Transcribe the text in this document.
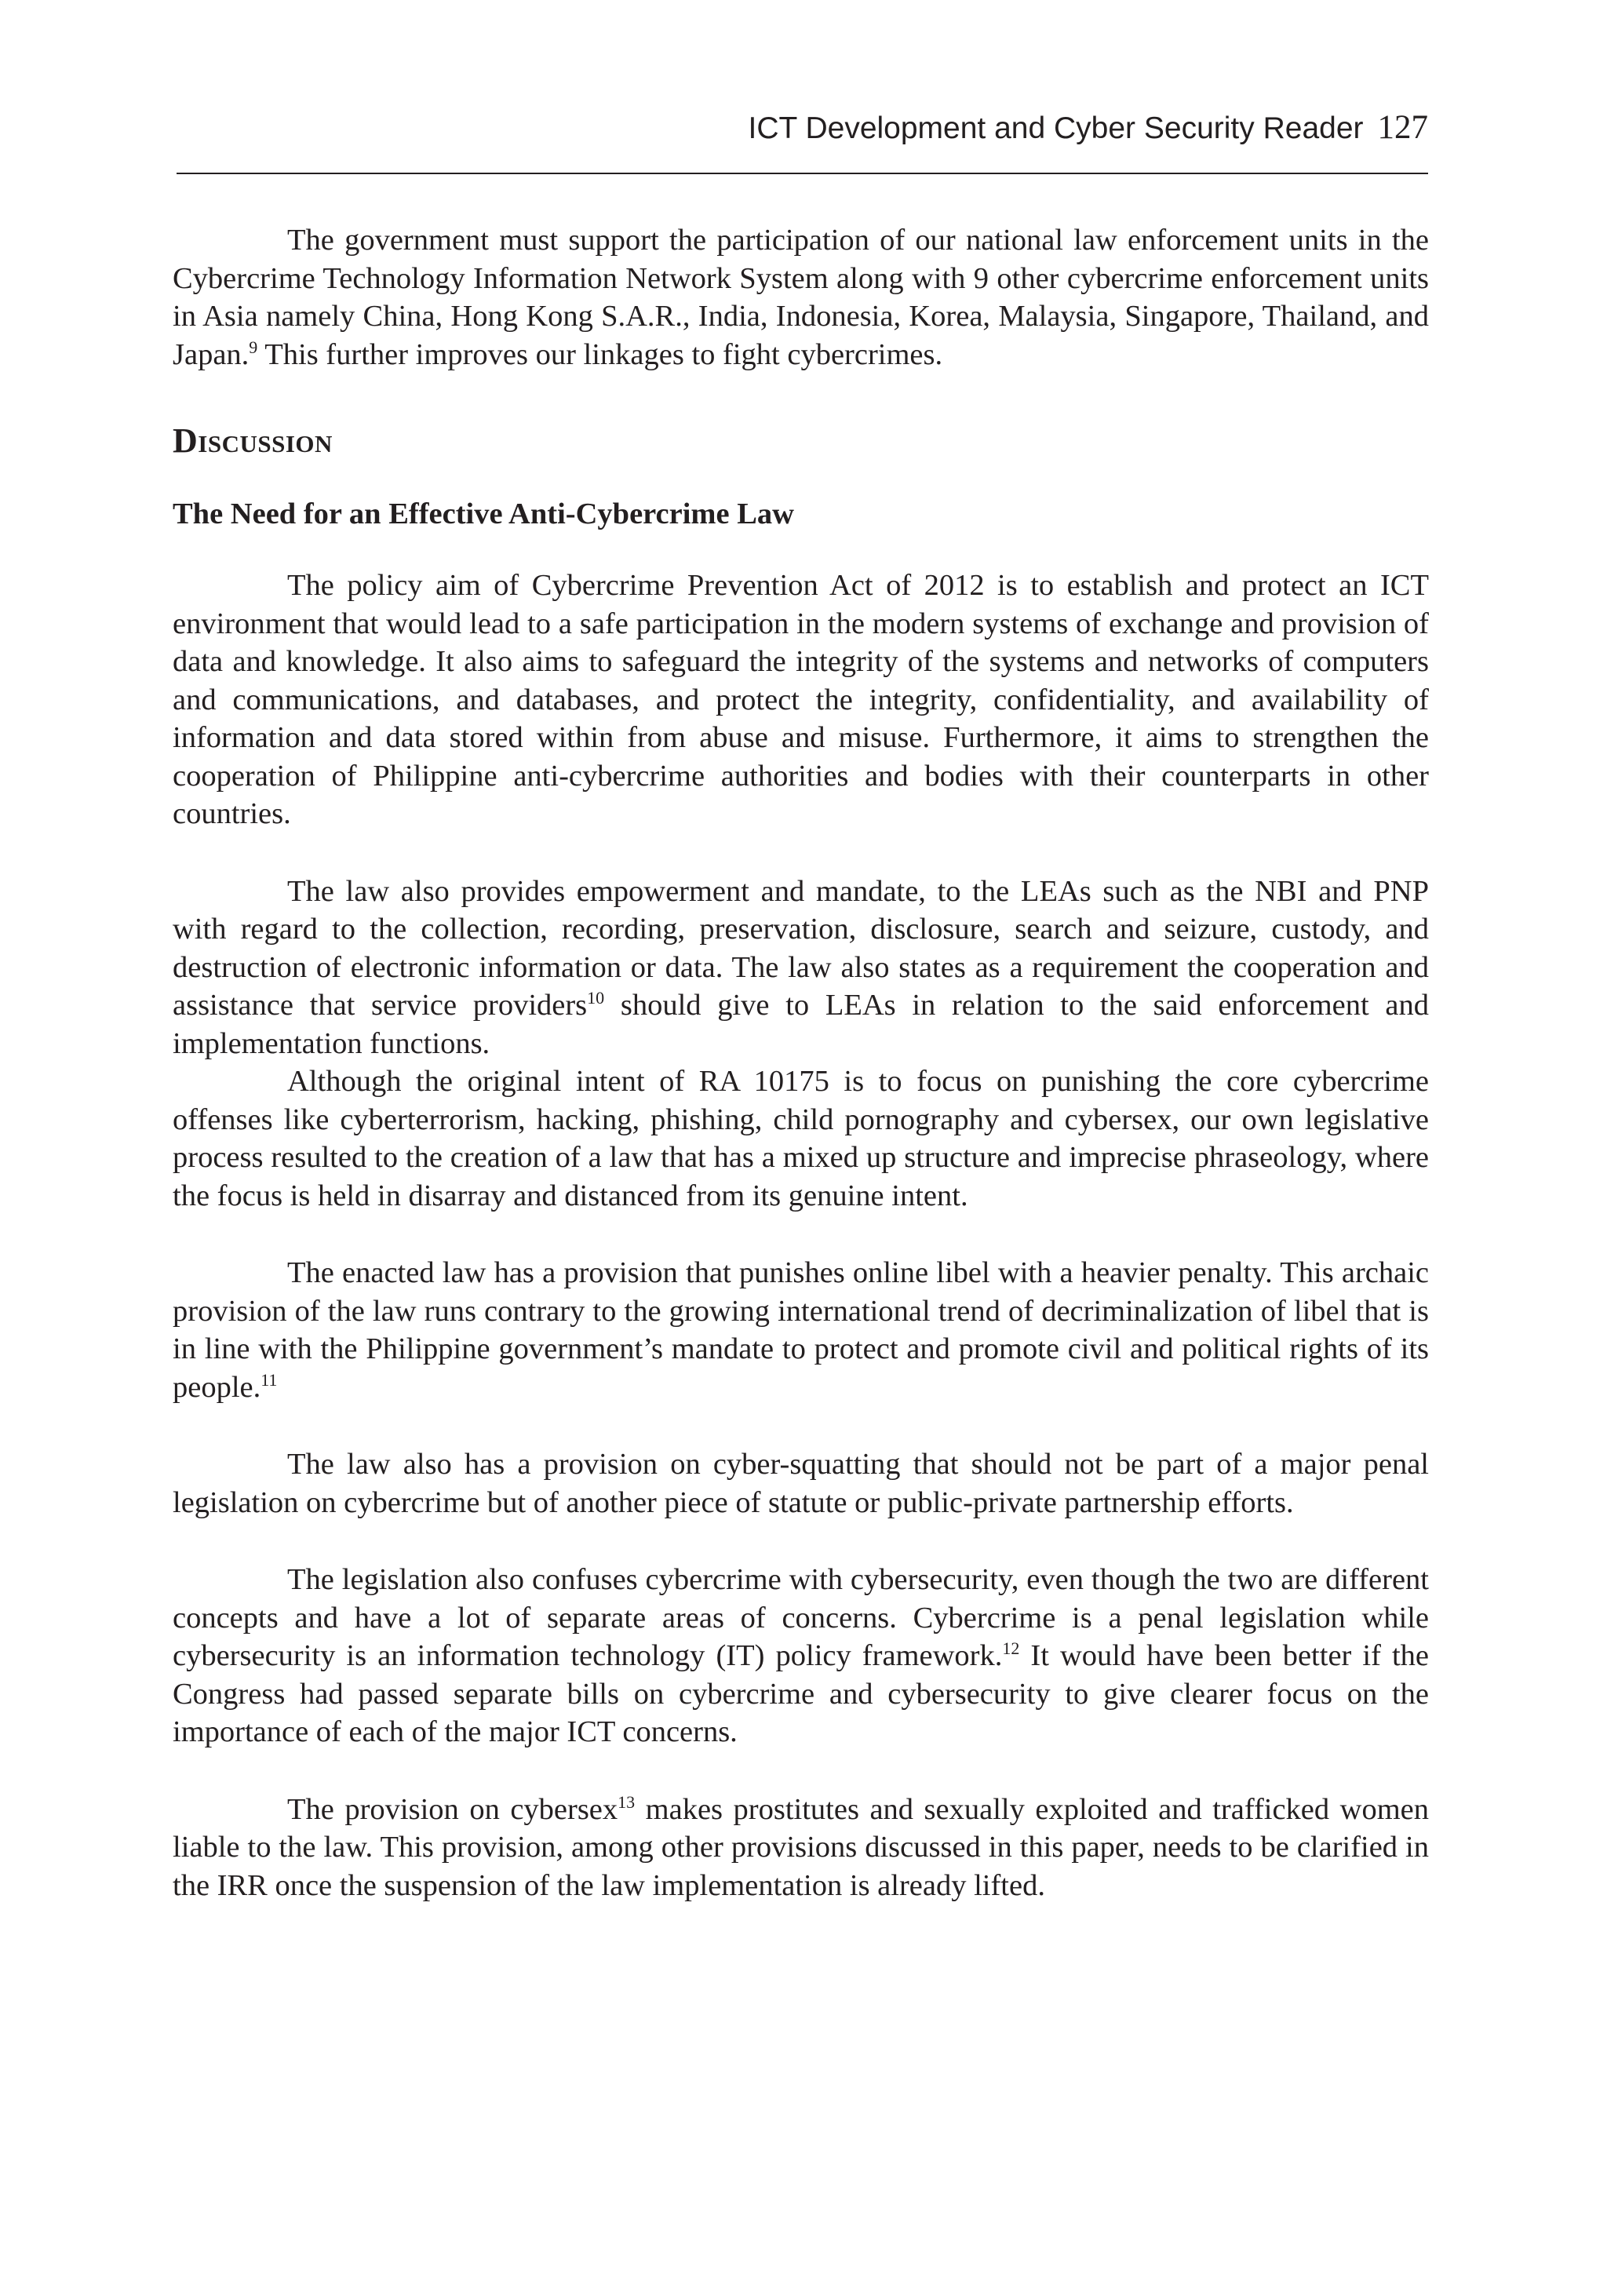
ICT Development and Cyber Security Reader 127

The government must support the participation of our national law enforcement units in the Cybercrime Technology Information Network System along with 9 other cybercrime enforcement units in Asia namely China, Hong Kong S.A.R., India, Indonesia, Korea, Malaysia, Singapore, Thailand, and Japan.$^9$ This further improves our linkages to fight cybercrimes.

Discussion
The Need for an Effective Anti-Cybercrime Law

The policy aim of Cybercrime Prevention Act of 2012 is to establish and protect an ICT environment that would lead to a safe participation in the modern systems of exchange and provision of data and knowledge. It also aims to safeguard the integrity of the systems and networks of computers and communications, and databases, and protect the integrity, confidentiality, and availability of information and data stored within from abuse and misuse. Furthermore, it aims to strengthen the cooperation of Philippine anti-cybercrime authorities and bodies with their counterparts in other countries.

The law also provides empowerment and mandate, to the LEAs such as the NBI and PNP with regard to the collection, recording, preservation, disclosure, search and seizure, custody, and destruction of electronic information or data. The law also states as a requirement the cooperation and assistance that service providers$^{10}$ should give to LEAs in relation to the said enforcement and implementation functions.

Although the original intent of RA 10175 is to focus on punishing the core cybercrime offenses like cyberterrorism, hacking, phishing, child pornography and cybersex, our own legislative process resulted to the creation of a law that has a mixed up structure and imprecise phraseology, where the focus is held in disarray and distanced from its genuine intent.

The enacted law has a provision that punishes online libel with a heavier penalty. This archaic provision of the law runs contrary to the growing international trend of decriminalization of libel that is in line with the Philippine government’s mandate to protect and promote civil and political rights of its people.$^{11}$

The law also has a provision on cyber-squatting that should not be part of a major penal legislation on cybercrime but of another piece of statute or public-private partnership efforts.

The legislation also confuses cybercrime with cybersecurity, even though the two are different concepts and have a lot of separate areas of concerns. Cybercrime is a penal legislation while cybersecurity is an information technology (IT) policy framework.$^{12}$ It would have been better if the Congress had passed separate bills on cybercrime and cybersecurity to give clearer focus on the importance of each of the major ICT concerns.

The provision on cybersex$^{13}$ makes prostitutes and sexually exploited and trafficked women liable to the law. This provision, among other provisions discussed in this paper, needs to be clarified in the IRR once the suspension of the law implementation is already lifted.
